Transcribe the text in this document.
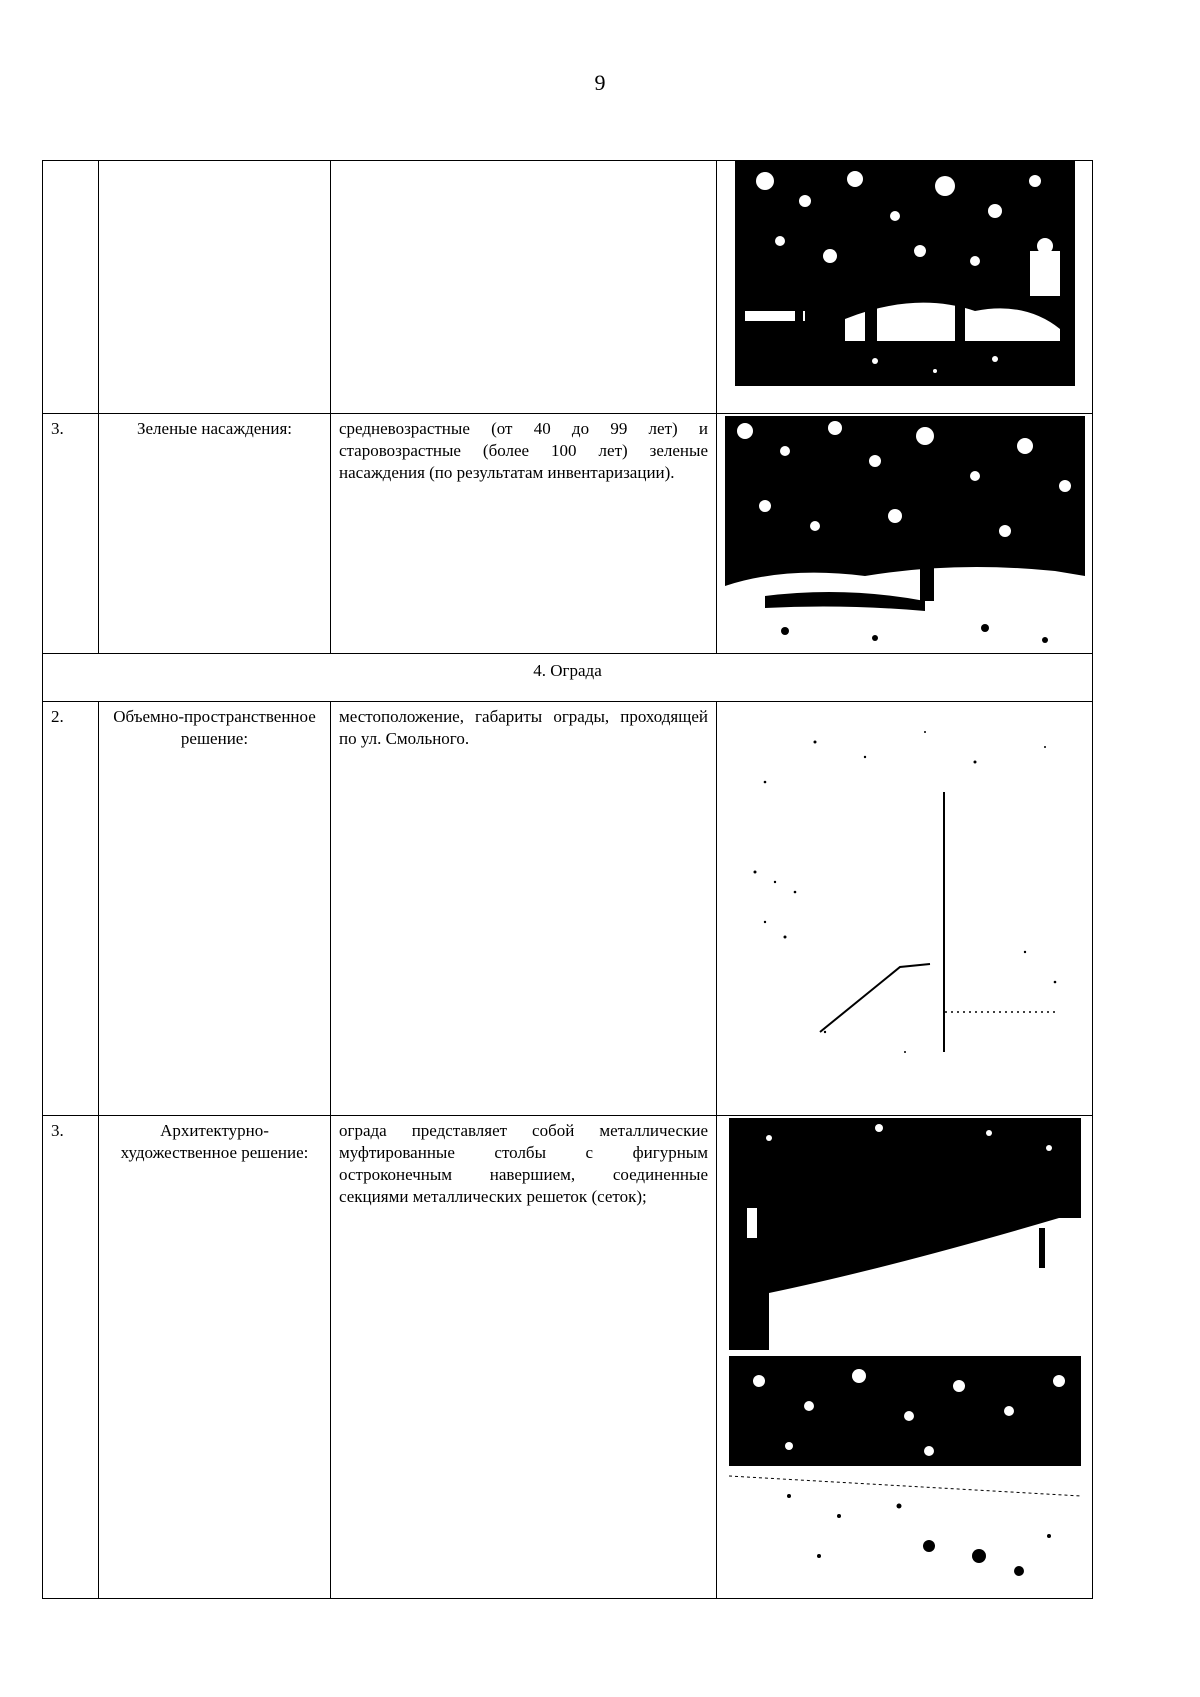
9

3.	Зеленые насаждения:	средневозрастные (от 40 до 99 лет) и старовозрастные (более 100 лет) зеленые насаждения (по результатам инвентаризации).	

4. Ограда			
2.	Объемно-пространственное решение:	местоположение, габариты ограды, проходящей по ул. Смольного.	

3.	Архитектурно-художественное решение:	ограда представляет собой металлические муфтированные столбы с фигурным остроконечным навершием, соединенные секциями металлических решеток (сеток);	
